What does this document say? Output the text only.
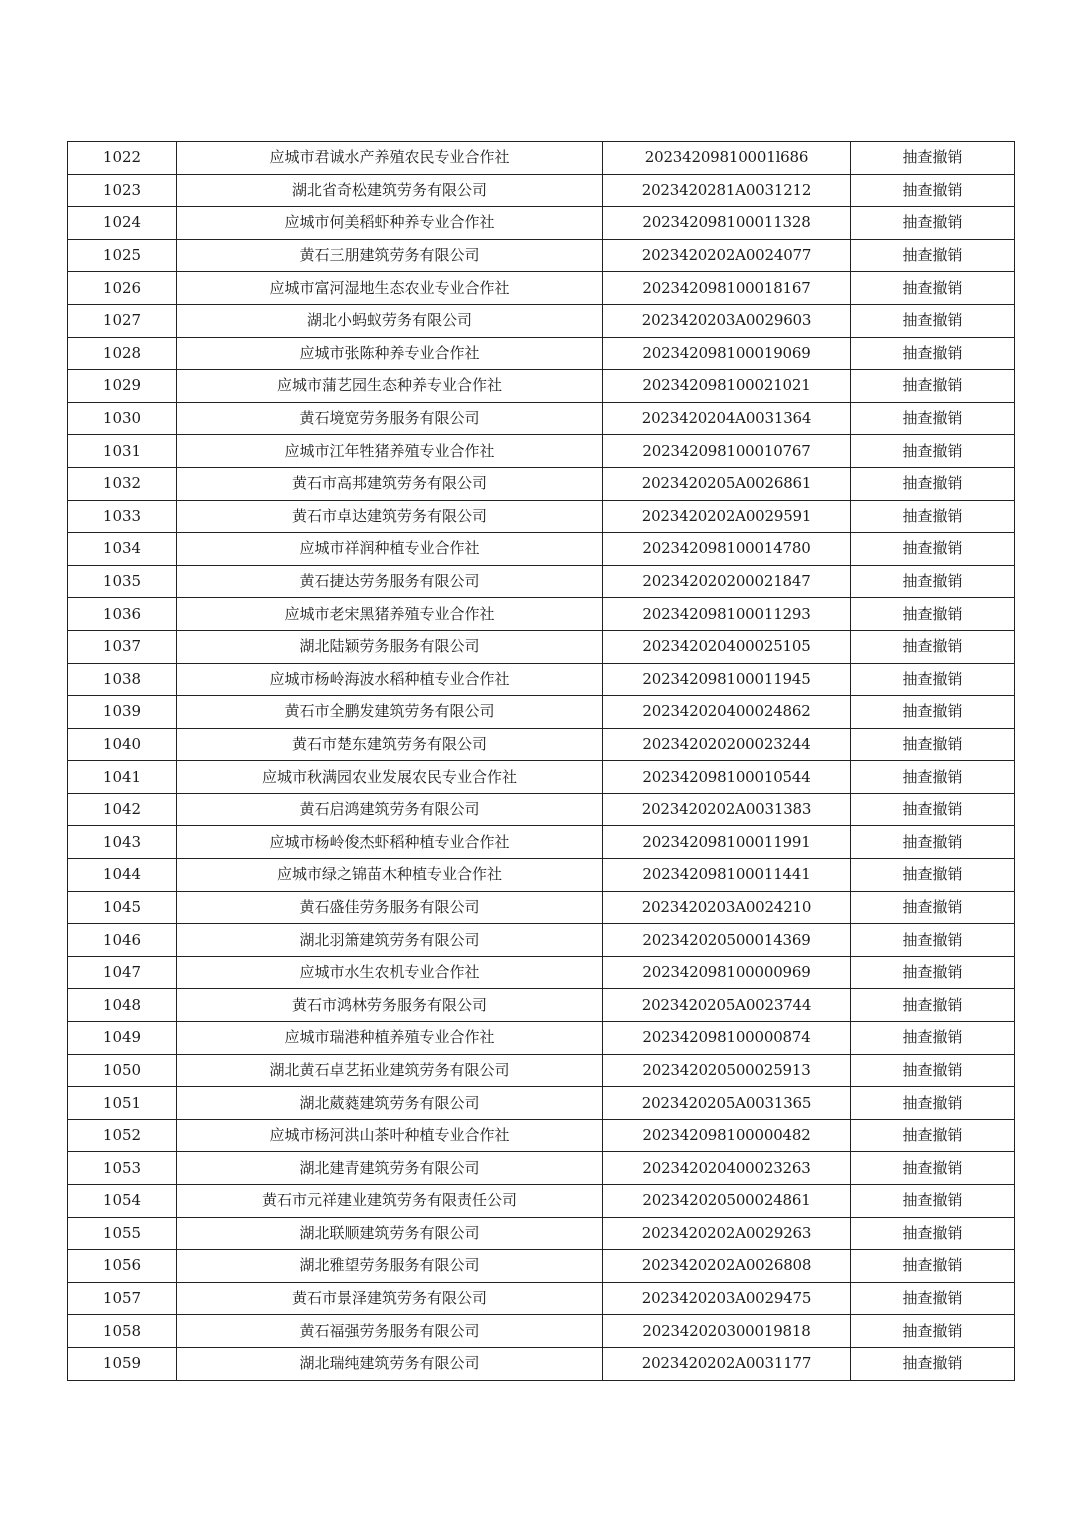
1022	应城市君诚水产养殖农民专业合作社	20234209810001l686	抽查撤销
1023	湖北省奇松建筑劳务有限公司	2023420281A0031212	抽查撤销
1024	应城市何美稻虾种养专业合作社	202342098100011328	抽查撤销
1025	黄石三朋建筑劳务有限公司	2023420202A0024077	抽查撤销
1026	应城市富河湿地生态农业专业合作社	202342098100018167	抽查撤销
1027	湖北小蚂蚁劳务有限公司	2023420203A0029603	抽查撤销
1028	应城市张陈种养专业合作社	202342098100019069	抽查撤销
1029	应城市蒲艺园生态种养专业合作社	202342098100021021	抽查撤销
1030	黄石境宽劳务服务有限公司	2023420204A0031364	抽查撤销
1031	应城市江年牲猪养殖专业合作社	202342098100010767	抽查撤销
1032	黄石市高邦建筑劳务有限公司	2023420205A0026861	抽查撤销
1033	黄石市卓达建筑劳务有限公司	2023420202A0029591	抽查撤销
1034	应城市祥润种植专业合作社	202342098100014780	抽查撤销
1035	黄石捷达劳务服务有限公司	202342020200021847	抽查撤销
1036	应城市老宋黑猪养殖专业合作社	202342098100011293	抽查撤销
1037	湖北陆颖劳务服务有限公司	202342020400025105	抽查撤销
1038	应城市杨岭海波水稻种植专业合作社	202342098100011945	抽查撤销
1039	黄石市全鹏发建筑劳务有限公司	202342020400024862	抽查撤销
1040	黄石市楚东建筑劳务有限公司	202342020200023244	抽查撤销
1041	应城市秋满园农业发展农民专业合作社	202342098100010544	抽查撤销
1042	黄石启鸿建筑劳务有限公司	2023420202A0031383	抽查撤销
1043	应城市杨岭俊杰虾稻种植专业合作社	202342098100011991	抽查撤销
1044	应城市绿之锦苗木种植专业合作社	202342098100011441	抽查撤销
1045	黄石盛佳劳务服务有限公司	2023420203A0024210	抽查撤销
1046	湖北羽箫建筑劳务有限公司	202342020500014369	抽查撤销
1047	应城市水生农机专业合作社	202342098100000969	抽查撤销
1048	黄石市鸿林劳务服务有限公司	2023420205A0023744	抽查撤销
1049	应城市瑞港种植养殖专业合作社	202342098100000874	抽查撤销
1050	湖北黄石卓艺拓业建筑劳务有限公司	202342020500025913	抽查撤销
1051	湖北葳蕤建筑劳务有限公司	2023420205A0031365	抽查撤销
1052	应城市杨河洪山茶叶种植专业合作社	202342098100000482	抽查撤销
1053	湖北建青建筑劳务有限公司	202342020400023263	抽查撤销
1054	黄石市元祥建业建筑劳务有限责任公司	202342020500024861	抽查撤销
1055	湖北联顺建筑劳务有限公司	2023420202A0029263	抽查撤销
1056	湖北雅望劳务服务有限公司	2023420202A0026808	抽查撤销
1057	黄石市景泽建筑劳务有限公司	2023420203A0029475	抽查撤销
1058	黄石福强劳务服务有限公司	202342020300019818	抽查撤销
1059	湖北瑞纯建筑劳务有限公司	2023420202A0031177	抽查撤销
